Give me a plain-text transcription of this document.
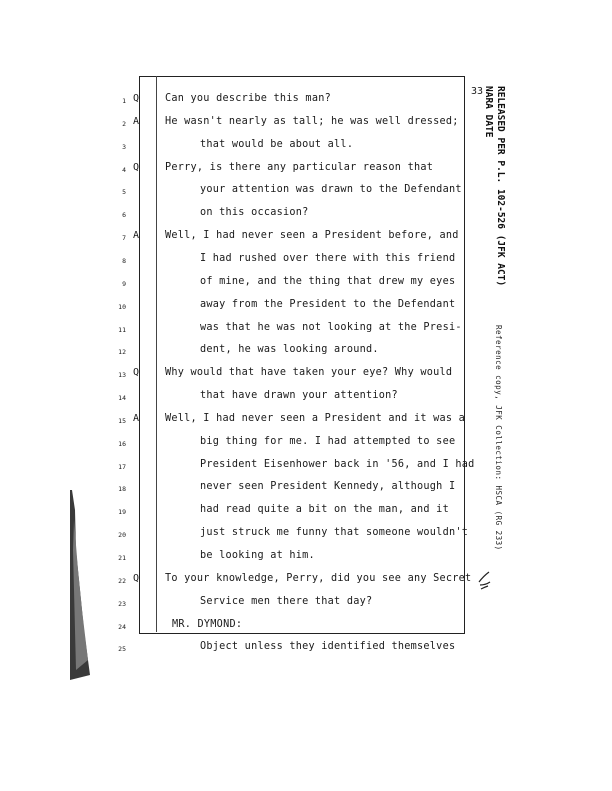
33 RELEASED PER P.L. 102-526 (JFK ACT)
NARA DATE
Reference copy, JFK Collection: HSCA (RG 233)
1 Q	Can you describe this man?
2 A	He wasn't nearly as tall; he was well dressed;
3	that would be about all.
4 Q	Perry, is there any particular reason that
5	your attention was drawn to the Defendant
6	on this occasion?
7 A	Well, I had never seen a President before, and
8	I had rushed over there with this friend
9	of mine, and the thing that drew my eyes
10	away from the President to the Defendant
11	was that he was not looking at the Presi-
12	dent, he was looking around.
13 Q	Why would that have taken your eye? Why would
14	that have drawn your attention?
15 A	Well, I had never seen a President and it was a
16	big thing for me. I had attempted to see
17	President Eisenhower back in '56, and I had
18	never seen President Kennedy, although I
19	had read quite a bit on the man, and it
20	just struck me funny that someone wouldn't
21	be looking at him.
22 Q	To your knowledge, Perry, did you see any Secret
23	Service men there that day?
24	MR. DYMOND:
25	Object unless they identified themselves
